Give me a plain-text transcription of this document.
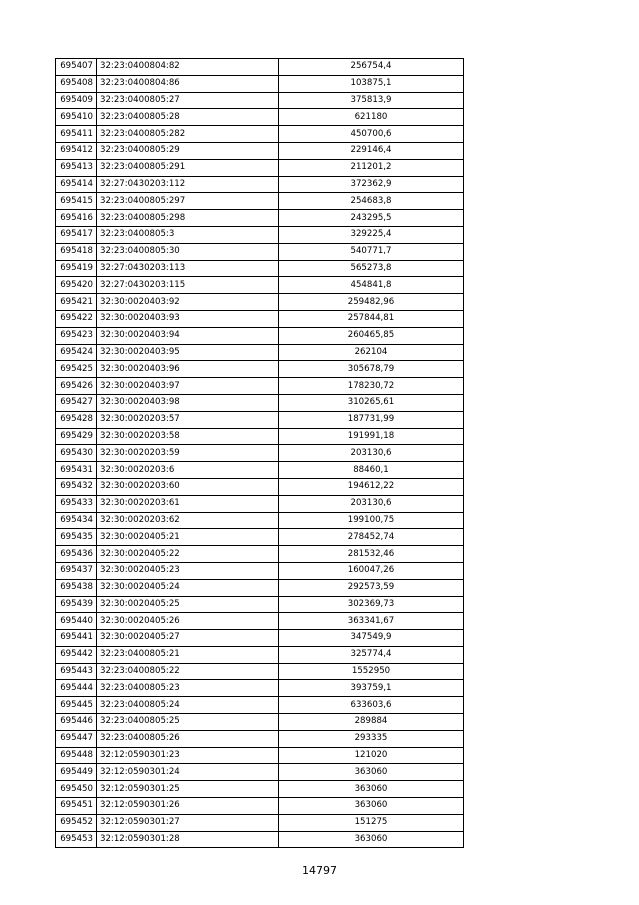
695407	32:23:0400804:82	256754,4
695408	32:23:0400804:86	103875,1
695409	32:23:0400805:27	375813,9
695410	32:23:0400805:28	621180
695411	32:23:0400805:282	450700,6
695412	32:23:0400805:29	229146,4
695413	32:23:0400805:291	211201,2
695414	32:27:0430203:112	372362,9
695415	32:23:0400805:297	254683,8
695416	32:23:0400805:298	243295,5
695417	32:23:0400805:3	329225,4
695418	32:23:0400805:30	540771,7
695419	32:27:0430203:113	565273,8
695420	32:27:0430203:115	454841,8
695421	32:30:0020403:92	259482,96
695422	32:30:0020403:93	257844,81
695423	32:30:0020403:94	260465,85
695424	32:30:0020403:95	262104
695425	32:30:0020403:96	305678,79
695426	32:30:0020403:97	178230,72
695427	32:30:0020403:98	310265,61
695428	32:30:0020203:57	187731,99
695429	32:30:0020203:58	191991,18
695430	32:30:0020203:59	203130,6
695431	32:30:0020203:6	88460,1
695432	32:30:0020203:60	194612,22
695433	32:30:0020203:61	203130,6
695434	32:30:0020203:62	199100,75
695435	32:30:0020405:21	278452,74
695436	32:30:0020405:22	281532,46
695437	32:30:0020405:23	160047,26
695438	32:30:0020405:24	292573,59
695439	32:30:0020405:25	302369,73
695440	32:30:0020405:26	363341,67
695441	32:30:0020405:27	347549,9
695442	32:23:0400805:21	325774,4
695443	32:23:0400805:22	1552950
695444	32:23:0400805:23	393759,1
695445	32:23:0400805:24	633603,6
695446	32:23:0400805:25	289884
695447	32:23:0400805:26	293335
695448	32:12:0590301:23	121020
695449	32:12:0590301:24	363060
695450	32:12:0590301:25	363060
695451	32:12:0590301:26	363060
695452	32:12:0590301:27	151275
695453	32:12:0590301:28	363060
14797
